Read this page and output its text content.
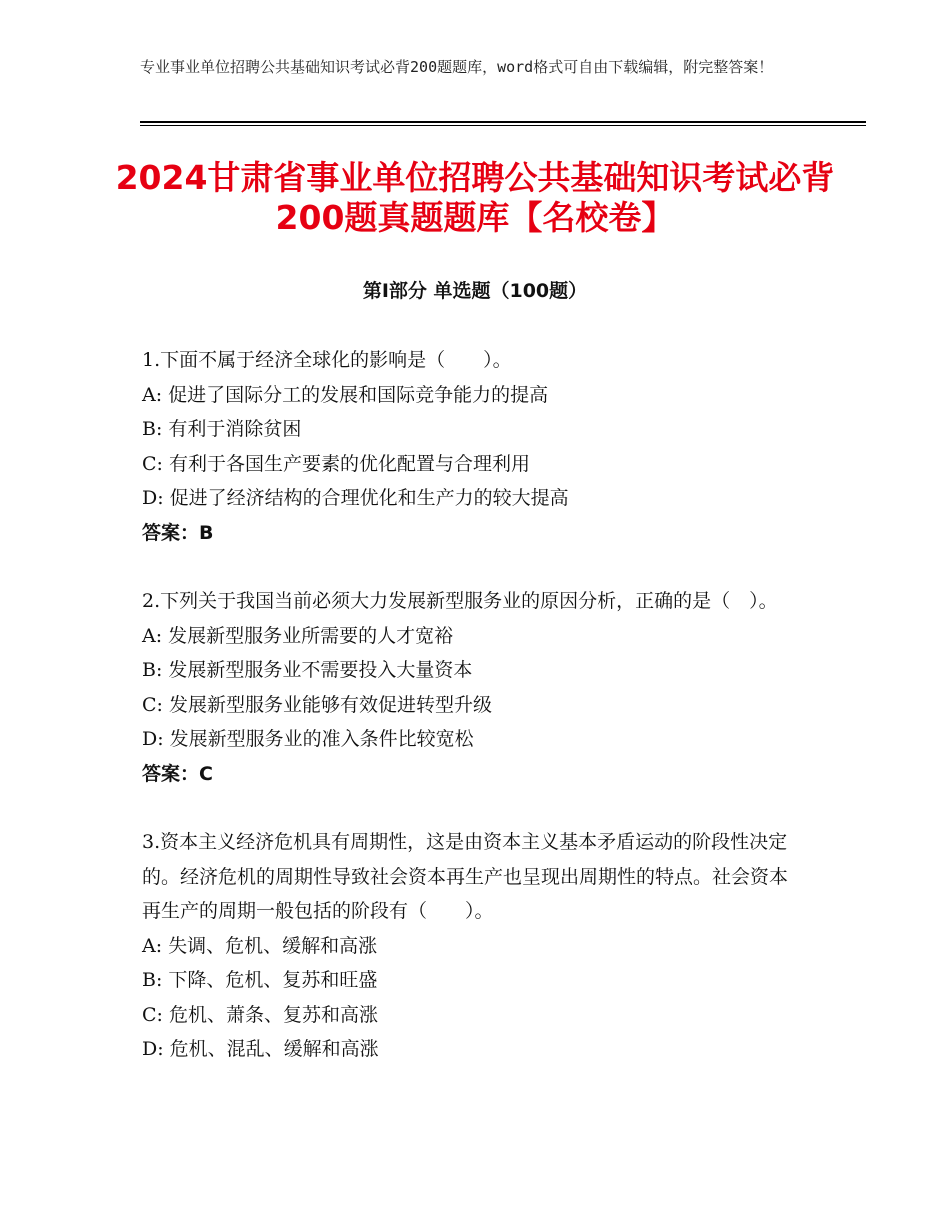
专业事业单位招聘公共基础知识考试必背200题题库，word格式可自由下载编辑，附完整答案！
2024甘肃省事业单位招聘公共基础知识考试必背200题真题题库【名校卷】
第Ⅰ部分 单选题（100题）

1.下面不属于经济全球化的影响是（　　）。

A: 促进了国际分工的发展和国际竞争能力的提高

B: 有利于消除贫困

C: 有利于各国生产要素的优化配置与合理利用

D: 促进了经济结构的合理优化和生产力的较大提高

答案：B

2.下列关于我国当前必须大力发展新型服务业的原因分析，正确的是（　）。

A: 发展新型服务业所需要的人才宽裕

B: 发展新型服务业不需要投入大量资本

C: 发展新型服务业能够有效促进转型升级

D: 发展新型服务业的准入条件比较宽松

答案：C

3.资本主义经济危机具有周期性，这是由资本主义基本矛盾运动的阶段性决定的。经济危机的周期性导致社会资本再生产也呈现出周期性的特点。社会资本再生产的周期一般包括的阶段有（　　）。

A: 失调、危机、缓解和高涨

B: 下降、危机、复苏和旺盛

C: 危机、萧条、复苏和高涨

D: 危机、混乱、缓解和高涨
